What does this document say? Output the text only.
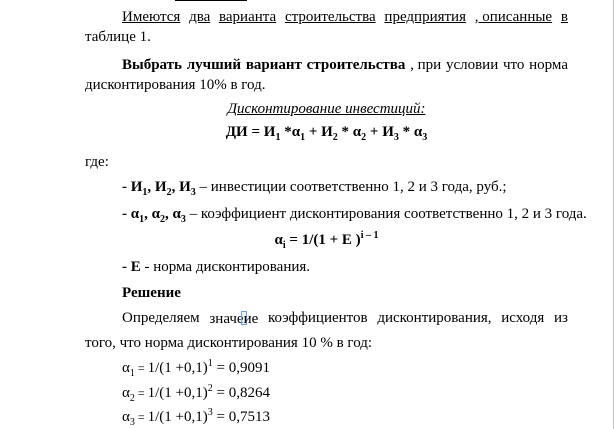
Имеются два варианта строительства предприятия , описанные в
таблице 1.
Выбрать лучший вариант строительства , при условии что норма
дисконтирования 10% в год.
Дисконтирование инвестиций:
ДИ = $И_1$ $*\alpha_1 + И_2 * \alpha_2 + И_3 * \alpha_3$
где:
- $И_1$, $И_2$, $И_3$ – инвестиции соответственно 1, 2 и 3 года, руб.;
- $\alpha_1$, $\alpha_2$, $\alpha_3$ – коэффициент дисконтирования соответственно 1, 2 и 3 года.
$\alpha_i = 1/(1 + Е$ )$^{i - 1}$
- Е - норма дисконтирования.
Решение
Определяем значеие коэффициентов дисконтирования, исходя из
того, что норма дисконтирования 10 % в год:
$\alpha_1 = 1/(1 +0,1)^1 = 0,9091$
$\alpha_2 = 1/(1 +0,1)^2 = 0,8264$
$\alpha_3 = 1/(1 +0,1)^3 = 0,7513$
